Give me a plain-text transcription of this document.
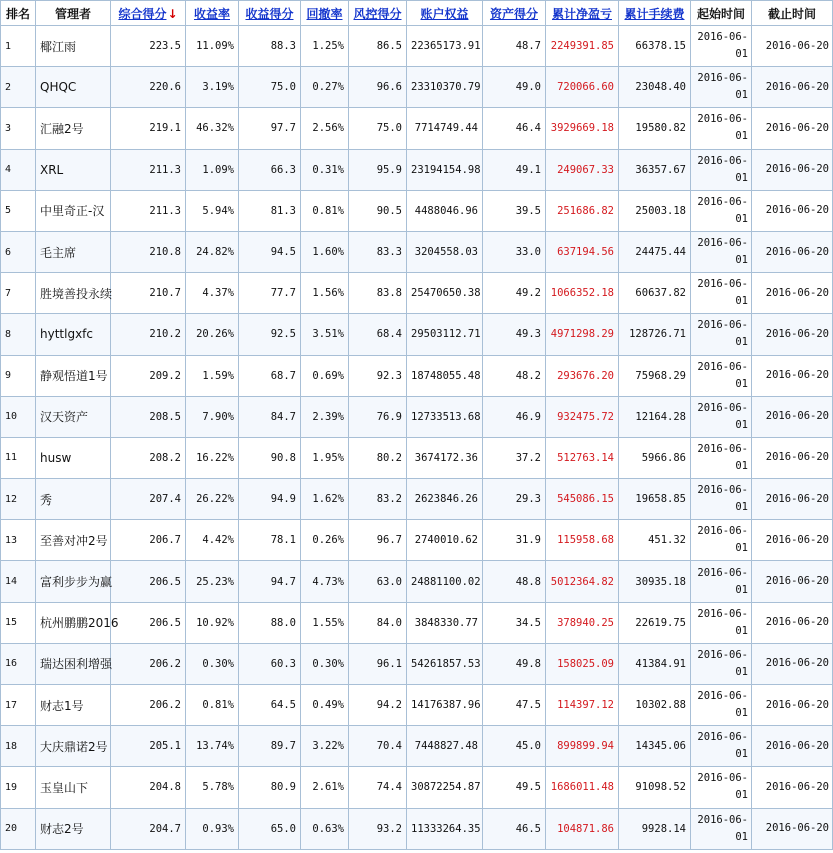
排名	管理者	综合得分↓	收益率	收益得分	回撤率	风控得分	账户权益	资产得分	累计净盈亏	累计手续费	起始时间	截止时间
1	椰江雨	223.5	11.09%	88.3	1.25%	86.5	22365173.91	48.7	2249391.85	66378.15	2016-06-01	2016-06-20
2	QHQC	220.6	3.19%	75.0	0.27%	96.6	23310370.79	49.0	720066.60	23048.40	2016-06-01	2016-06-20
3	汇融2号	219.1	46.32%	97.7	2.56%	75.0	7714749.44	46.4	3929669.18	19580.82	2016-06-01	2016-06-20
4	XRL	211.3	1.09%	66.3	0.31%	95.9	23194154.98	49.1	249067.33	36357.67	2016-06-01	2016-06-20
5	中里奇正-汉	211.3	5.94%	81.3	0.81%	90.5	4488046.96	39.5	251686.82	25003.18	2016-06-01	2016-06-20
6	毛主席	210.8	24.82%	94.5	1.60%	83.3	3204558.03	33.0	637194.56	24475.44	2016-06-01	2016-06-20
7	胜境善投永续	210.7	4.37%	77.7	1.56%	83.8	25470650.38	49.2	1066352.18	60637.82	2016-06-01	2016-06-20
8	hyttlgxfc	210.2	20.26%	92.5	3.51%	68.4	29503112.71	49.3	4971298.29	128726.71	2016-06-01	2016-06-20
9	静观悟道1号	209.2	1.59%	68.7	0.69%	92.3	18748055.48	48.2	293676.20	75968.29	2016-06-01	2016-06-20
10	汉天资产	208.5	7.90%	84.7	2.39%	76.9	12733513.68	46.9	932475.72	12164.28	2016-06-01	2016-06-20
11	husw	208.2	16.22%	90.8	1.95%	80.2	3674172.36	37.2	512763.14	5966.86	2016-06-01	2016-06-20
12	秀	207.4	26.22%	94.9	1.62%	83.2	2623846.26	29.3	545086.15	19658.85	2016-06-01	2016-06-20
13	至善对冲2号	206.7	4.42%	78.1	0.26%	96.7	2740010.62	31.9	115958.68	451.32	2016-06-01	2016-06-20
14	富利步步为赢	206.5	25.23%	94.7	4.73%	63.0	24881100.02	48.8	5012364.82	30935.18	2016-06-01	2016-06-20
15	杭州鹏鹏2016	206.5	10.92%	88.0	1.55%	84.0	3848330.77	34.5	378940.25	22619.75	2016-06-01	2016-06-20
16	瑞达困利增强	206.2	0.30%	60.3	0.30%	96.1	54261857.53	49.8	158025.09	41384.91	2016-06-01	2016-06-20
17	财志1号	206.2	0.81%	64.5	0.49%	94.2	14176387.96	47.5	114397.12	10302.88	2016-06-01	2016-06-20
18	大庆鼎诺2号	205.1	13.74%	89.7	3.22%	70.4	7448827.48	45.0	899899.94	14345.06	2016-06-01	2016-06-20
19	玉皇山下	204.8	5.78%	80.9	2.61%	74.4	30872254.87	49.5	1686011.48	91098.52	2016-06-01	2016-06-20
20	财志2号	204.7	0.93%	65.0	0.63%	93.2	11333264.35	46.5	104871.86	9928.14	2016-06-01	2016-06-20
